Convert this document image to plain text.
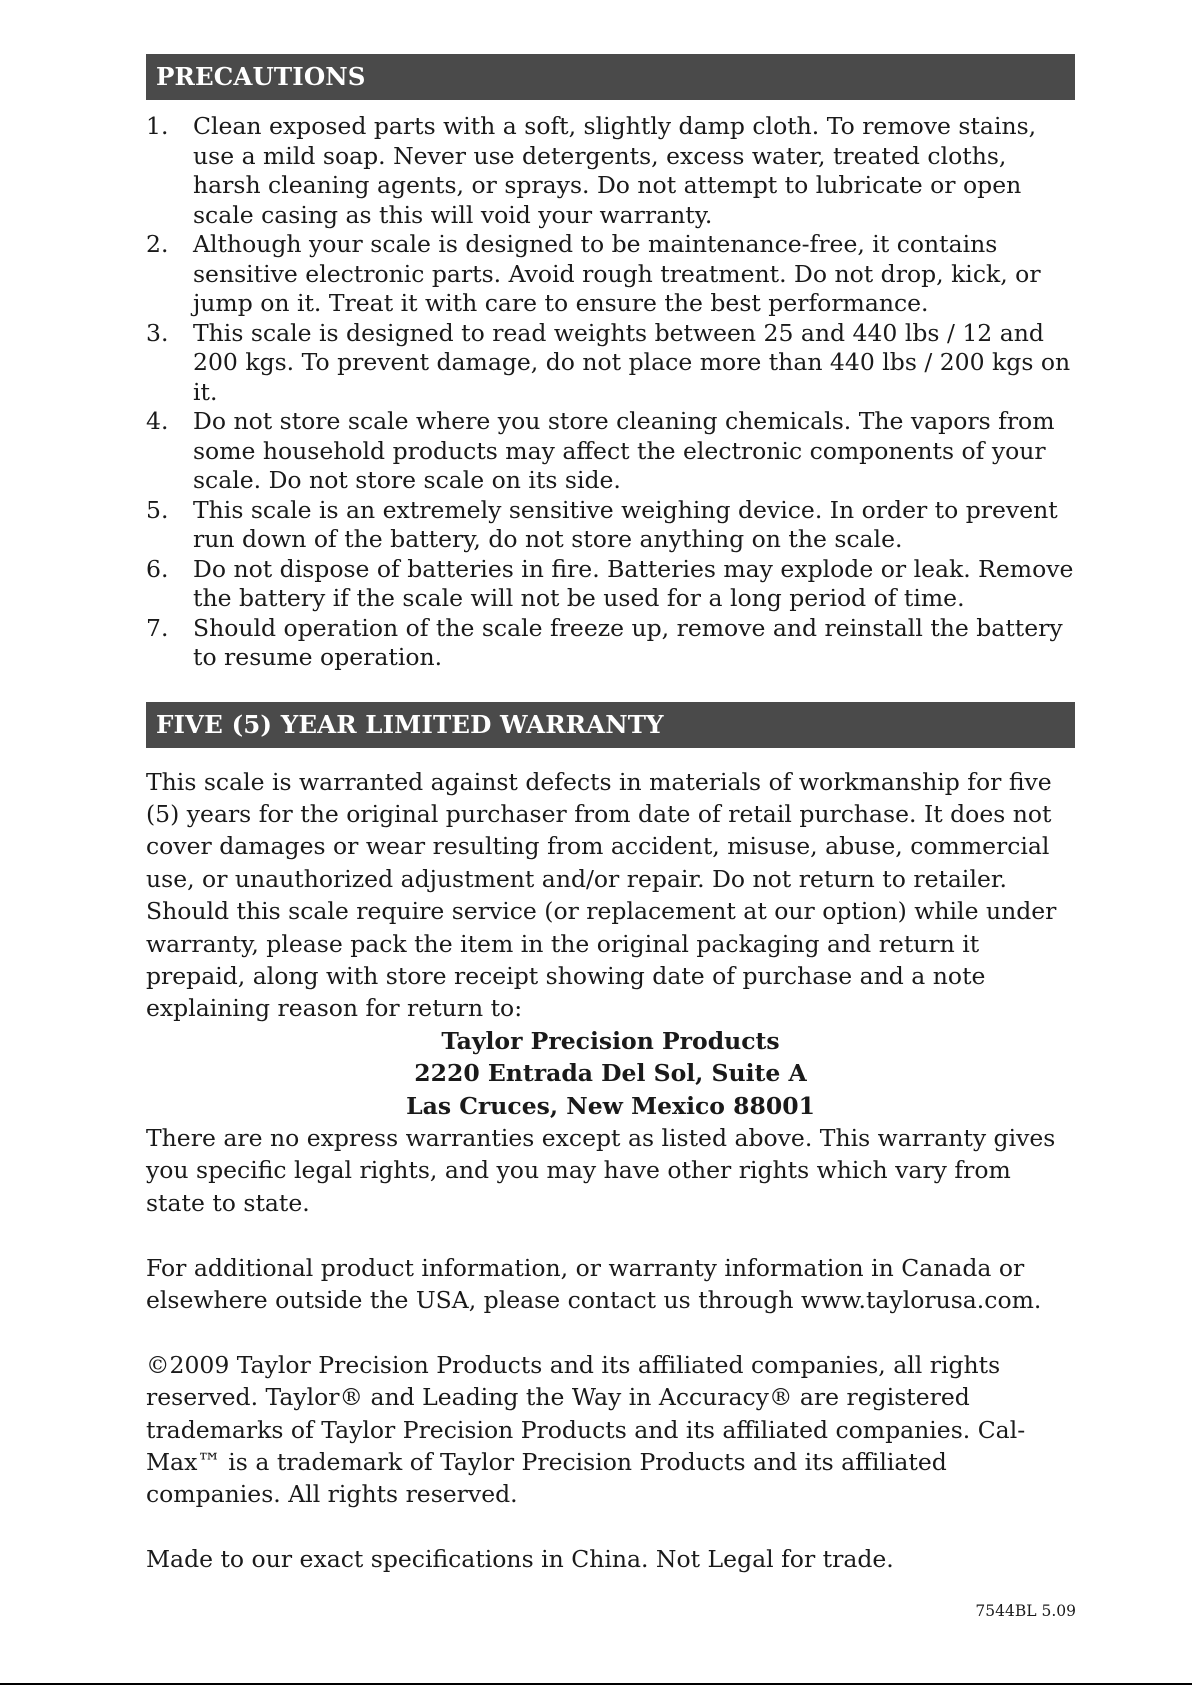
PRECAUTIONS
1. Clean exposed parts with a soft, slightly damp cloth. To remove stains, use a mild soap. Never use detergents, excess water, treated cloths, harsh cleaning agents, or sprays. Do not attempt to lubricate or open scale casing as this will void your warranty.
2. Although your scale is designed to be maintenance-free, it contains sensitive electronic parts. Avoid rough treatment. Do not drop, kick, or jump on it. Treat it with care to ensure the best performance.
3. This scale is designed to read weights between 25 and 440 lbs / 12 and 200 kgs. To prevent damage, do not place more than 440 lbs / 200 kgs on it.
4. Do not store scale where you store cleaning chemicals. The vapors from some household products may affect the electronic components of your scale. Do not store scale on its side.
5. This scale is an extremely sensitive weighing device. In order to prevent run down of the battery, do not store anything on the scale.
6. Do not dispose of batteries in fire. Batteries may explode or leak. Remove the battery if the scale will not be used for a long period of time.
7. Should operation of the scale freeze up, remove and reinstall the battery to resume operation.
FIVE (5) YEAR LIMITED WARRANTY

This scale is warranted against defects in materials of workmanship for five (5) years for the original purchaser from date of retail purchase. It does not cover damages or wear resulting from accident, misuse, abuse, commercial use, or unauthorized adjustment and/or repair. Do not return to retailer. Should this scale require service (or replacement at our option) while under warranty, please pack the item in the original packaging and return it prepaid, along with store receipt showing date of purchase and a note explaining reason for return to:

Taylor Precision Products
2220 Entrada Del Sol, Suite A
Las Cruces, New Mexico 88001

There are no express warranties except as listed above. This warranty gives you specific legal rights, and you may have other rights which vary from state to state.

For additional product information, or warranty information in Canada or elsewhere outside the USA, please contact us through www.taylorusa.com.

©2009 Taylor Precision Products and its affiliated companies, all rights reserved. Taylor® and Leading the Way in Accuracy® are registered trademarks of Taylor Precision Products and its affiliated companies. Cal-Max™ is a trademark of Taylor Precision Products and its affiliated companies. All rights reserved.

Made to our exact specifications in China. Not Legal for trade.

7544BL 5.09
